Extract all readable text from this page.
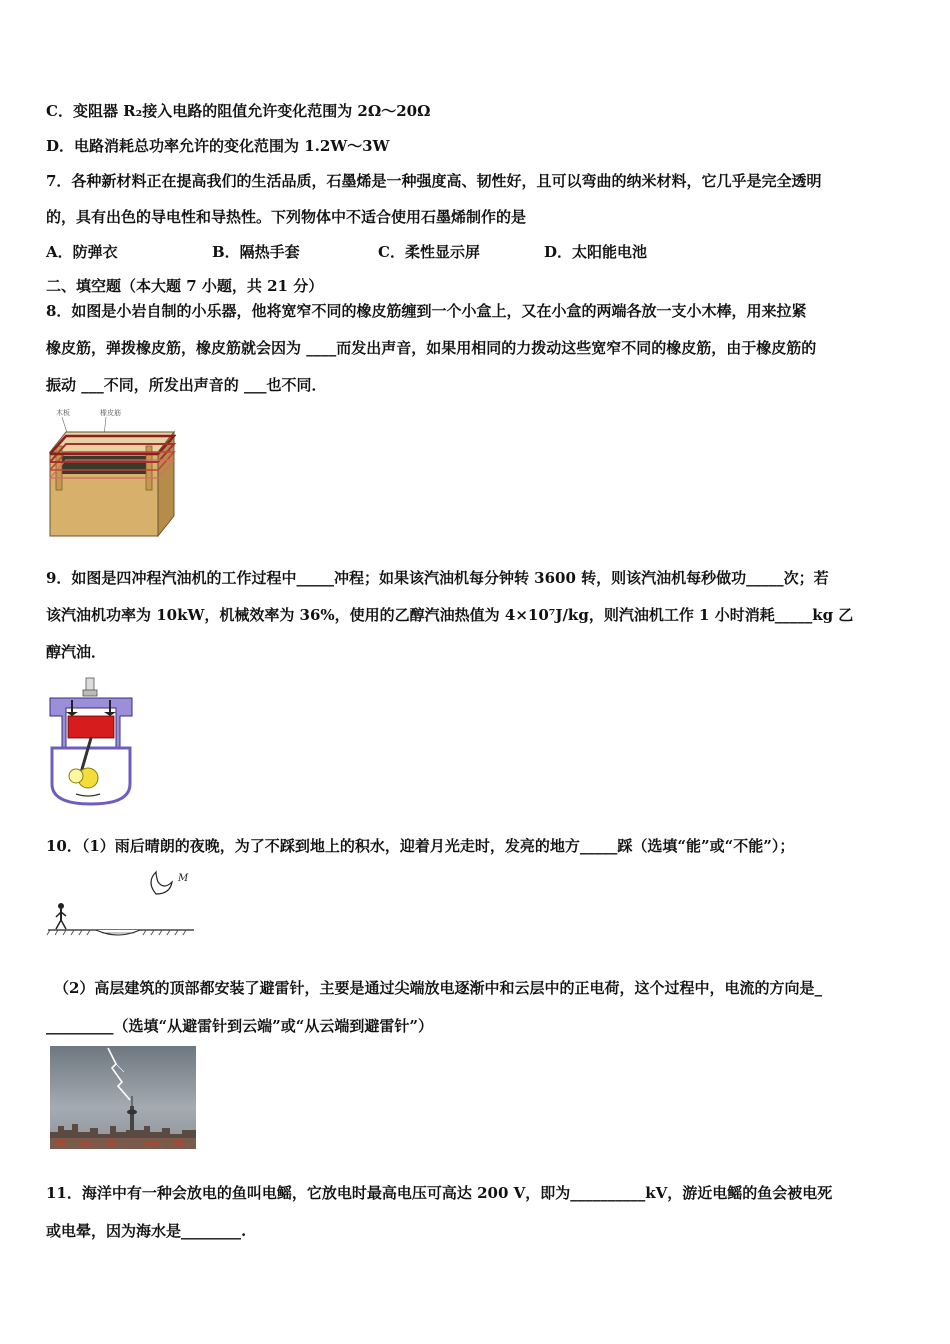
C．变阻器 R₂接入电路的阻值允许变化范围为 2Ω～20Ω
D．电路消耗总功率允许的变化范围为 1.2W～3W
7．各种新材料正在提高我们的生活品质，石墨烯是一种强度高、韧性好，且可以弯曲的纳米材料，它几乎是完全透明
的，具有出色的导电性和导热性。下列物体中不适合使用石墨烯制作的是
A．防弹衣	B．隔热手套	C．柔性显示屏	D．太阳能电池
二、填空题（本大题 7 小题，共 21 分）
8．如图是小岩自制的小乐器，他将宽窄不同的橡皮筋缠到一个小盒上，又在小盒的两端各放一支小木棒，用来拉紧
橡皮筋，弹拨橡皮筋，橡皮筋就会因为 ____而发出声音，如果用相同的力拨动这些宽窄不同的橡皮筋，由于橡皮筋的
振动 ___不同，所发出声音的 ___也不同．
木板	橡皮筋
9．如图是四冲程汽油机的工作过程中_____冲程；如果该汽油机每分钟转 3600 转，则该汽油机每秒做功_____次；若
该汽油机功率为 10kW，机械效率为 36%，使用的乙醇汽油热值为 4×10⁷J/kg，则汽油机工作 1 小时消耗_____kg 乙
醇汽油．
10．（1）雨后晴朗的夜晚，为了不踩到地上的积水，迎着月光走时，发亮的地方_____踩（选填“能”或“不能”）；
M
（2）高层建筑的顶部都安装了避雷针，主要是通过尖端放电逐渐中和云层中的正电荷，这个过程中，电流的方向是_
_________（选填“从避雷针到云端”或“从云端到避雷针”）
11．海洋中有一种会放电的鱼叫电鳐，它放电时最高电压可高达 200 V，即为__________kV，游近电鳐的鱼会被电死
或电晕，因为海水是________.
